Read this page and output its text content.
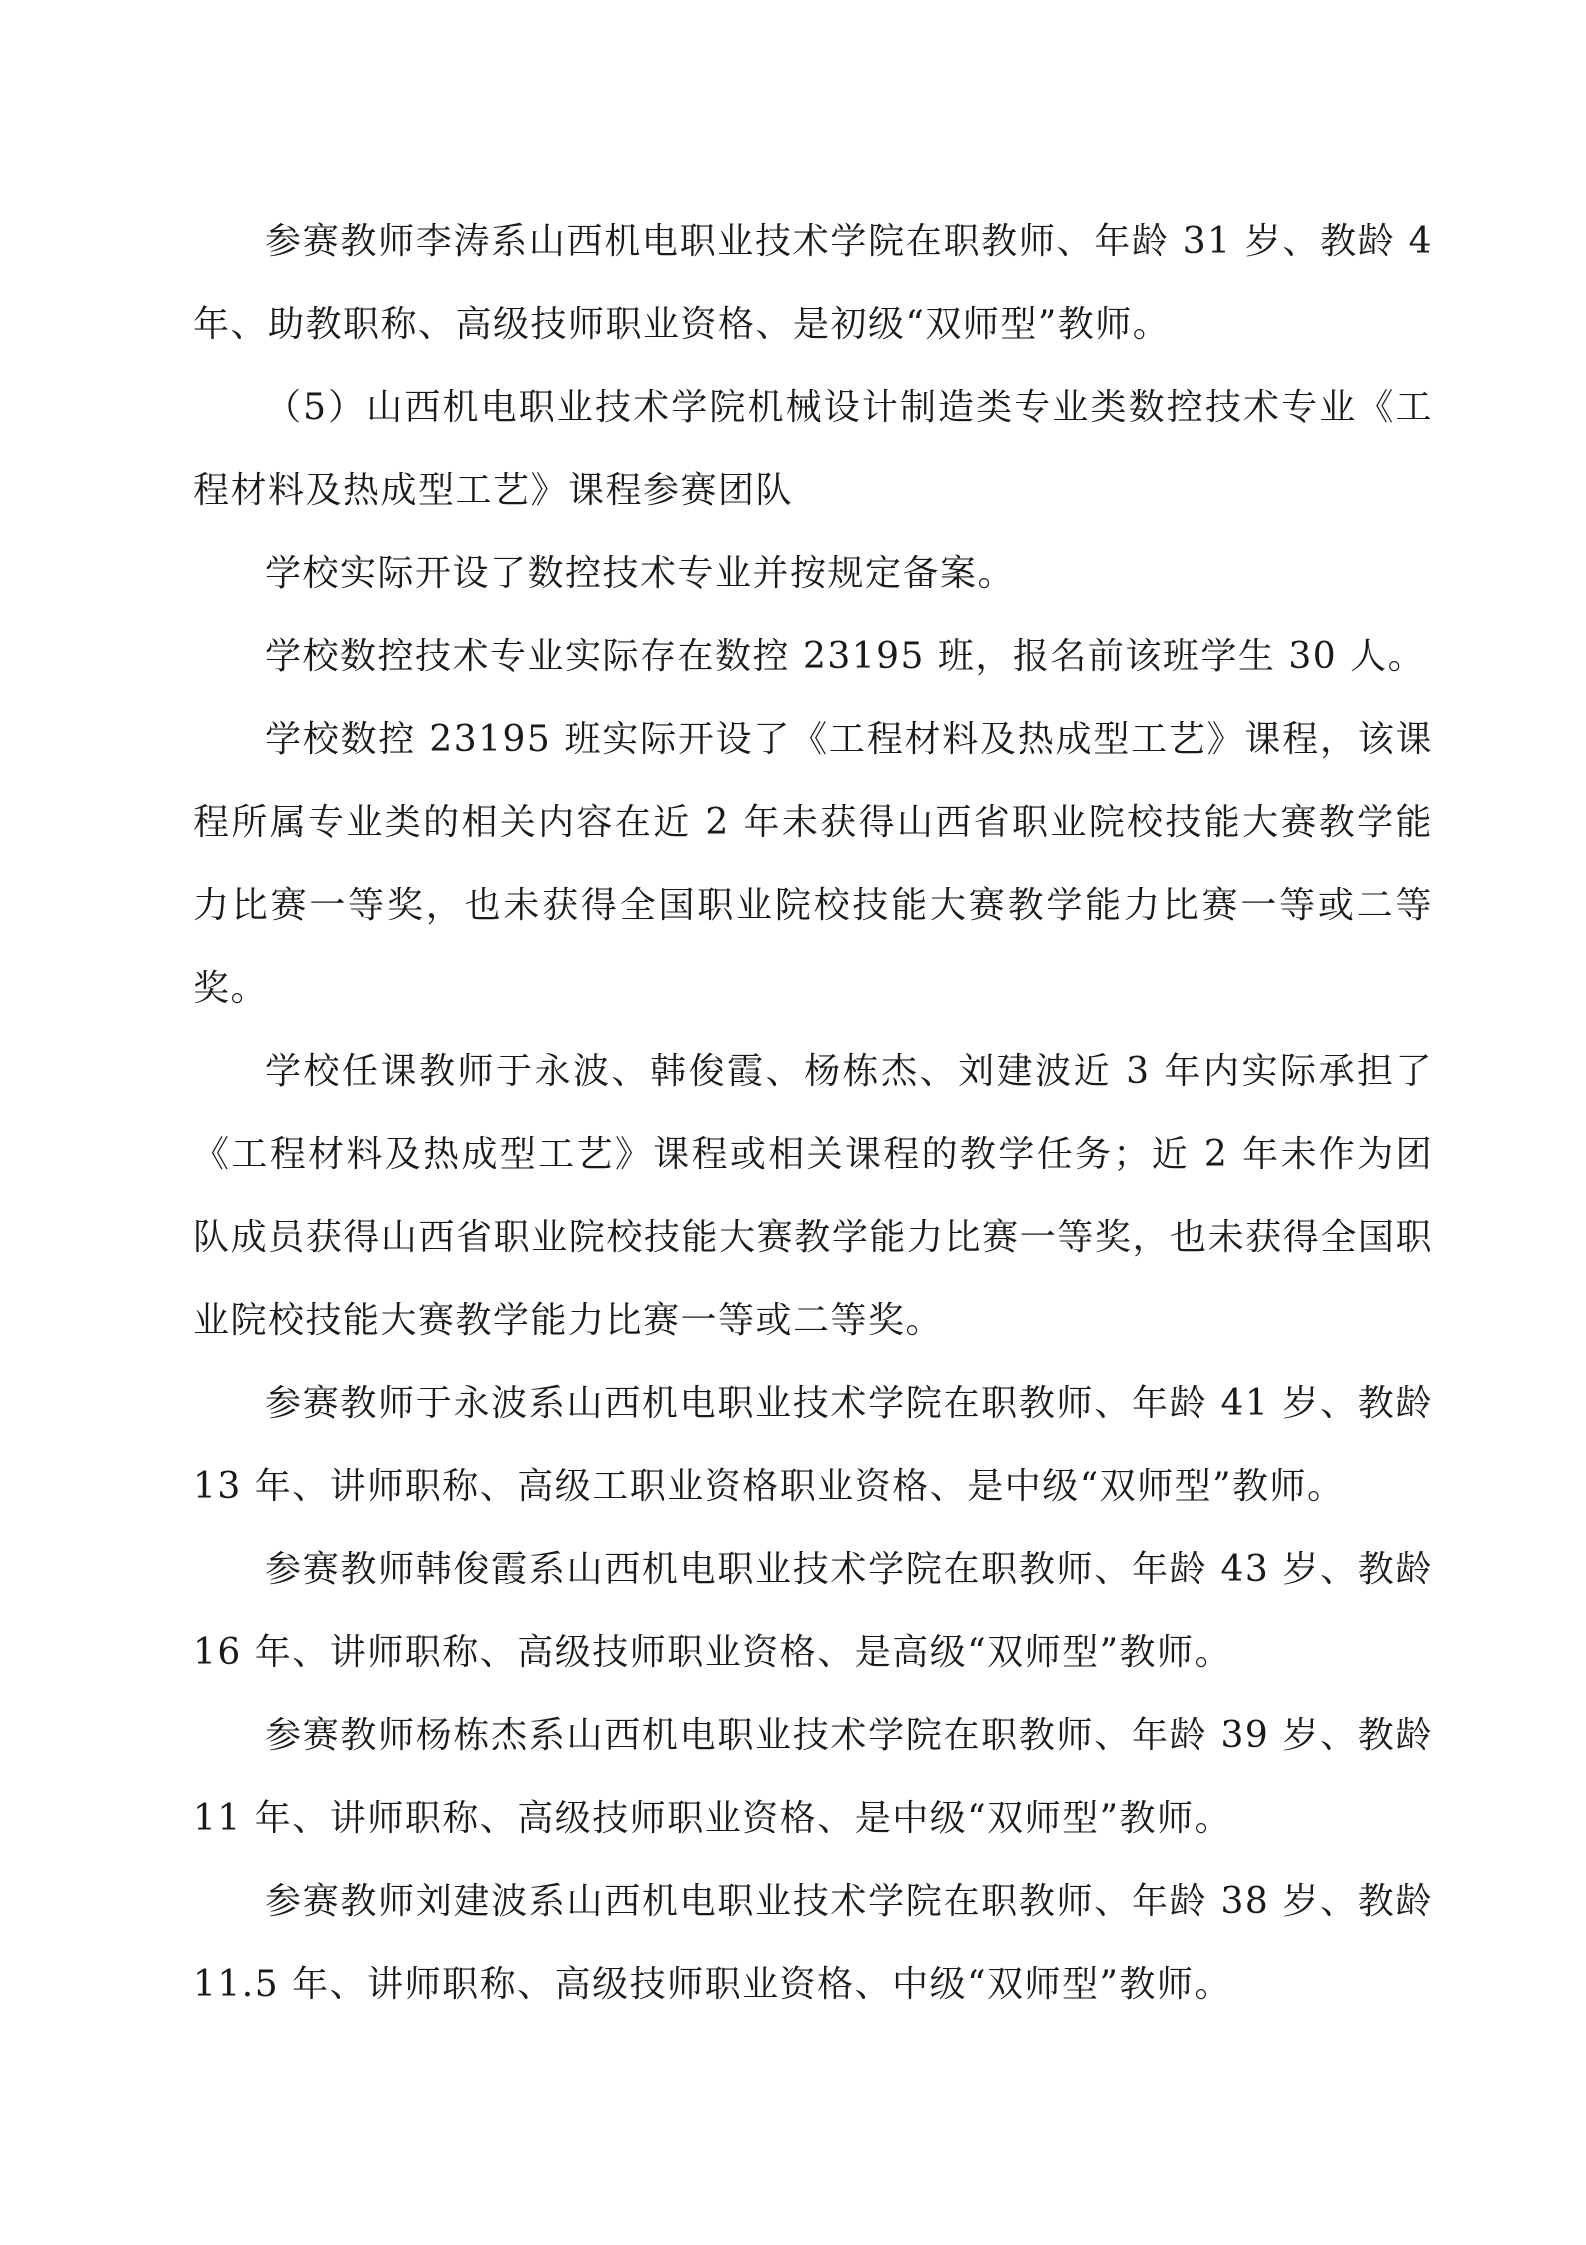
参赛教师李涛系山西机电职业技术学院在职教师、年龄 31 岁、教龄 4 年、助教职称、高级技师职业资格、是初级“双师型”教师。

（5）山西机电职业技术学院机械设计制造类专业类数控技术专业《工程材料及热成型工艺》课程参赛团队

学校实际开设了数控技术专业并按规定备案。

学校数控技术专业实际存在数控 23195 班，报名前该班学生 30 人。

学校数控 23195 班实际开设了《工程材料及热成型工艺》课程，该课程所属专业类的相关内容在近 2 年未获得山西省职业院校技能大赛教学能力比赛一等奖，也未获得全国职业院校技能大赛教学能力比赛一等或二等奖。

学校任课教师于永波、韩俊霞、杨栋杰、刘建波近 3 年内实际承担了《工程材料及热成型工艺》课程或相关课程的教学任务；近 2 年未作为团队成员获得山西省职业院校技能大赛教学能力比赛一等奖，也未获得全国职业院校技能大赛教学能力比赛一等或二等奖。

参赛教师于永波系山西机电职业技术学院在职教师、年龄 41 岁、教龄 13 年、讲师职称、高级工职业资格职业资格、是中级“双师型”教师。

参赛教师韩俊霞系山西机电职业技术学院在职教师、年龄 43 岁、教龄 16 年、讲师职称、高级技师职业资格、是高级“双师型”教师。

参赛教师杨栋杰系山西机电职业技术学院在职教师、年龄 39 岁、教龄 11 年、讲师职称、高级技师职业资格、是中级“双师型”教师。

参赛教师刘建波系山西机电职业技术学院在职教师、年龄 38 岁、教龄 11.5 年、讲师职称、高级技师职业资格、中级“双师型”教师。
